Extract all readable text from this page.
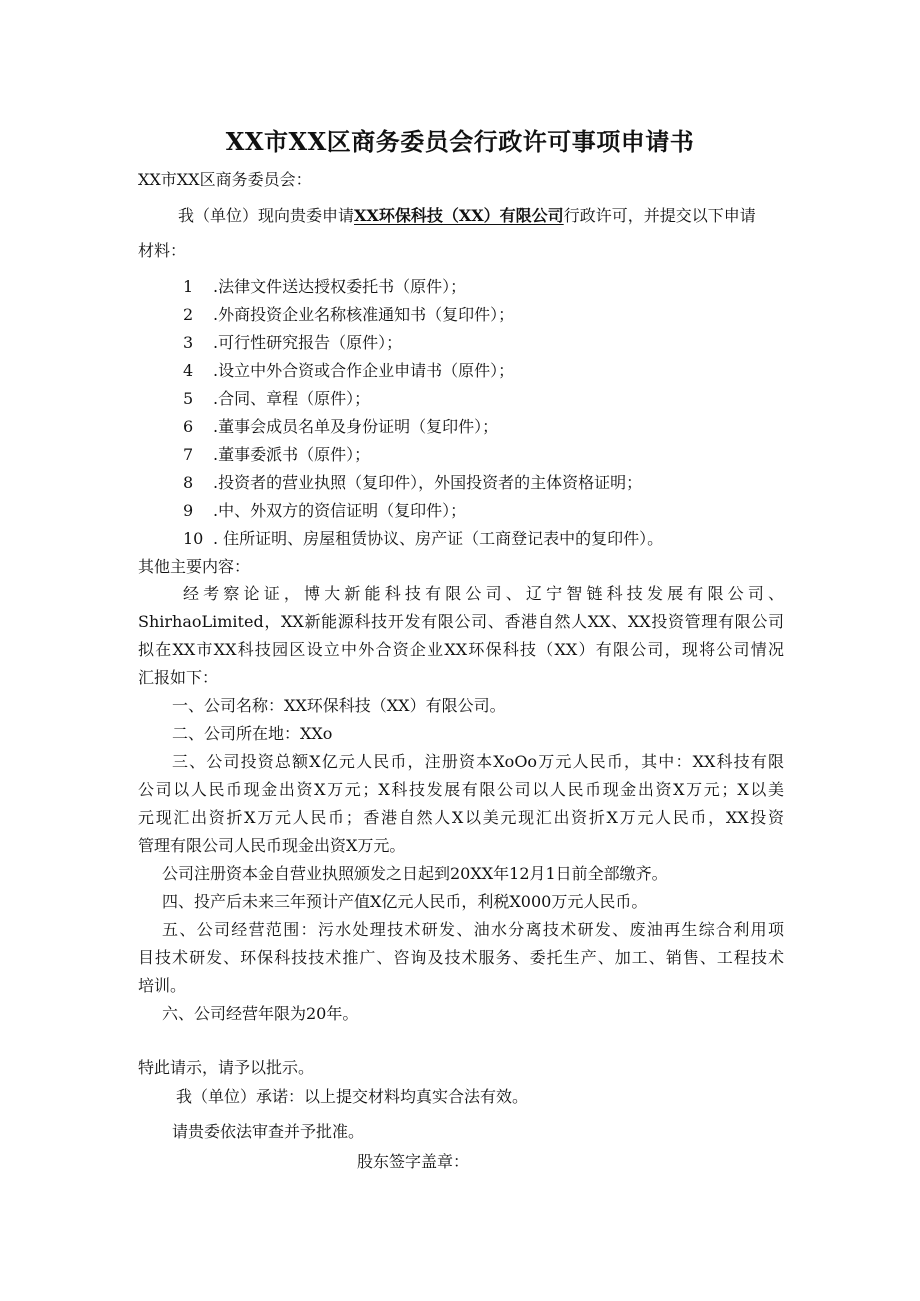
XX市XX区商务委员会行政许可事项申请书
XX市XX区商务委员会：
我（单位）现向贵委申请XX环保科技（XX）有限公司行政许可，并提交以下申请
材料：
1 .法律文件送达授权委托书（原件）；
2 .外商投资企业名称核准通知书（复印件）；
3 .可行性研究报告（原件）；
4 .设立中外合资或合作企业申请书（原件）；
5 .合同、章程（原件）；
6 .董事会成员名单及身份证明（复印件）；
7 .董事委派书（原件）；
8 .投资者的营业执照（复印件），外国投资者的主体资格证明；
9 .中、外双方的资信证明（复印件）；
10 . 住所证明、房屋租赁协议、房产证（工商登记表中的复印件）。
其他主要内容：
经考察论证，博大新能科技有限公司、辽宁智链科技发展有限公司、
ShirhaoLimited，XX新能源科技开发有限公司、香港自然人XX、XX投资管理有限公司
拟在XX市XX科技园区设立中外合资企业XX环保科技（XX）有限公司，现将公司情况
汇报如下：
一、公司名称：XX环保科技（XX）有限公司。
二、公司所在地：XXo
三、公司投资总额X亿元人民币，注册资本XoOo万元人民币，其中：XX科技有限
公司以人民币现金出资X万元；X科技发展有限公司以人民币现金出资X万元；X以美
元现汇出资折X万元人民币；香港自然人X以美元现汇出资折X万元人民币，XX投资
管理有限公司人民币现金出资X万元。
公司注册资本金自营业执照颁发之日起到20XX年12月1日前全部缴齐。
四、投产后未来三年预计产值X亿元人民币，利税X000万元人民币。
五、公司经营范围：污水处理技术研发、油水分离技术研发、废油再生综合利用项
目技术研发、环保科技技术推广、咨询及技术服务、委托生产、加工、销售、工程技术
培训。
六、公司经营年限为20年。
特此请示，请予以批示。
我（单位）承诺：以上提交材料均真实合法有效。
请贵委依法审查并予批准。
股东签字盖章：
